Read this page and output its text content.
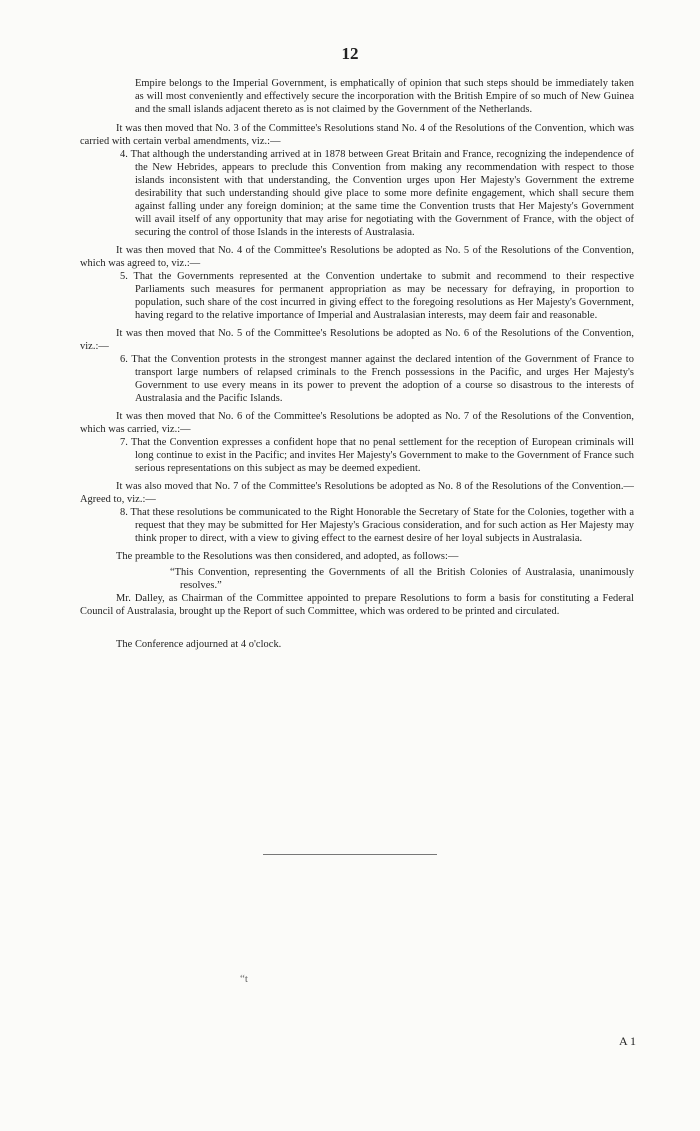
12

Empire belongs to the Imperial Government, is emphatically of opinion that such steps should be immediately taken as will most conveniently and effectively secure the incorporation with the British Empire of so much of New Guinea and the small islands adjacent thereto as is not claimed by the Government of the Netherlands.

It was then moved that No. 3 of the Committee's Resolutions stand No. 4 of the Resolutions of the Convention, which was carried with certain verbal amendments, viz.:—

4. That although the understanding arrived at in 1878 between Great Britain and France, recognizing the independence of the New Hebrides, appears to preclude this Convention from making any recommendation with respect to those islands inconsistent with that understanding, the Convention urges upon Her Majesty's Government the extreme desirability that such understanding should give place to some more definite engagement, which shall secure them against falling under any foreign dominion; at the same time the Convention trusts that Her Majesty's Government will avail itself of any opportunity that may arise for negotiating with the Government of France, with the object of securing the control of those Islands in the interests of Australasia.

It was then moved that No. 4 of the Committee's Resolutions be adopted as No. 5 of the Resolutions of the Convention, which was agreed to, viz.:—

5. That the Governments represented at the Convention undertake to submit and recommend to their respective Parliaments such measures for permanent appropriation as may be necessary for defraying, in proportion to population, such share of the cost incurred in giving effect to the foregoing resolutions as Her Majesty's Government, having regard to the relative importance of Imperial and Australasian interests, may deem fair and reasonable.

It was then moved that No. 5 of the Committee's Resolutions be adopted as No. 6 of the Resolutions of the Convention, viz.:—

6. That the Convention protests in the strongest manner against the declared intention of the Government of France to transport large numbers of relapsed criminals to the French possessions in the Pacific, and urges Her Majesty's Government to use every means in its power to prevent the adoption of a course so disastrous to the interests of Australasia and the Pacific Islands.

It was then moved that No. 6 of the Committee's Resolutions be adopted as No. 7 of the Resolutions of the Convention, which was carried, viz.:—

7. That the Convention expresses a confident hope that no penal settlement for the reception of European criminals will long continue to exist in the Pacific; and invites Her Majesty's Government to make to the Government of France such serious representations on this subject as may be deemed expedient.

It was also moved that No. 7 of the Committee's Resolutions be adopted as No. 8 of the Resolutions of the Convention.—Agreed to, viz.:—

8. That these resolutions be communicated to the Right Honorable the Secretary of State for the Colonies, together with a request that they may be submitted for Her Majesty's Gracious consideration, and for such action as Her Majesty may think proper to direct, with a view to giving effect to the earnest desire of her loyal subjects in Australasia.

The preamble to the Resolutions was then considered, and adopted, as follows:—

“This Convention, representing the Governments of all the British Colonies of Australasia, unanimously resolves.”

Mr. Dalley, as Chairman of the Committee appointed to prepare Resolutions to form a basis for constituting a Federal Council of Australasia, brought up the Report of such Committee, which was ordered to be printed and circulated.

The Conference adjourned at 4 o'clock.

“t
A 1
